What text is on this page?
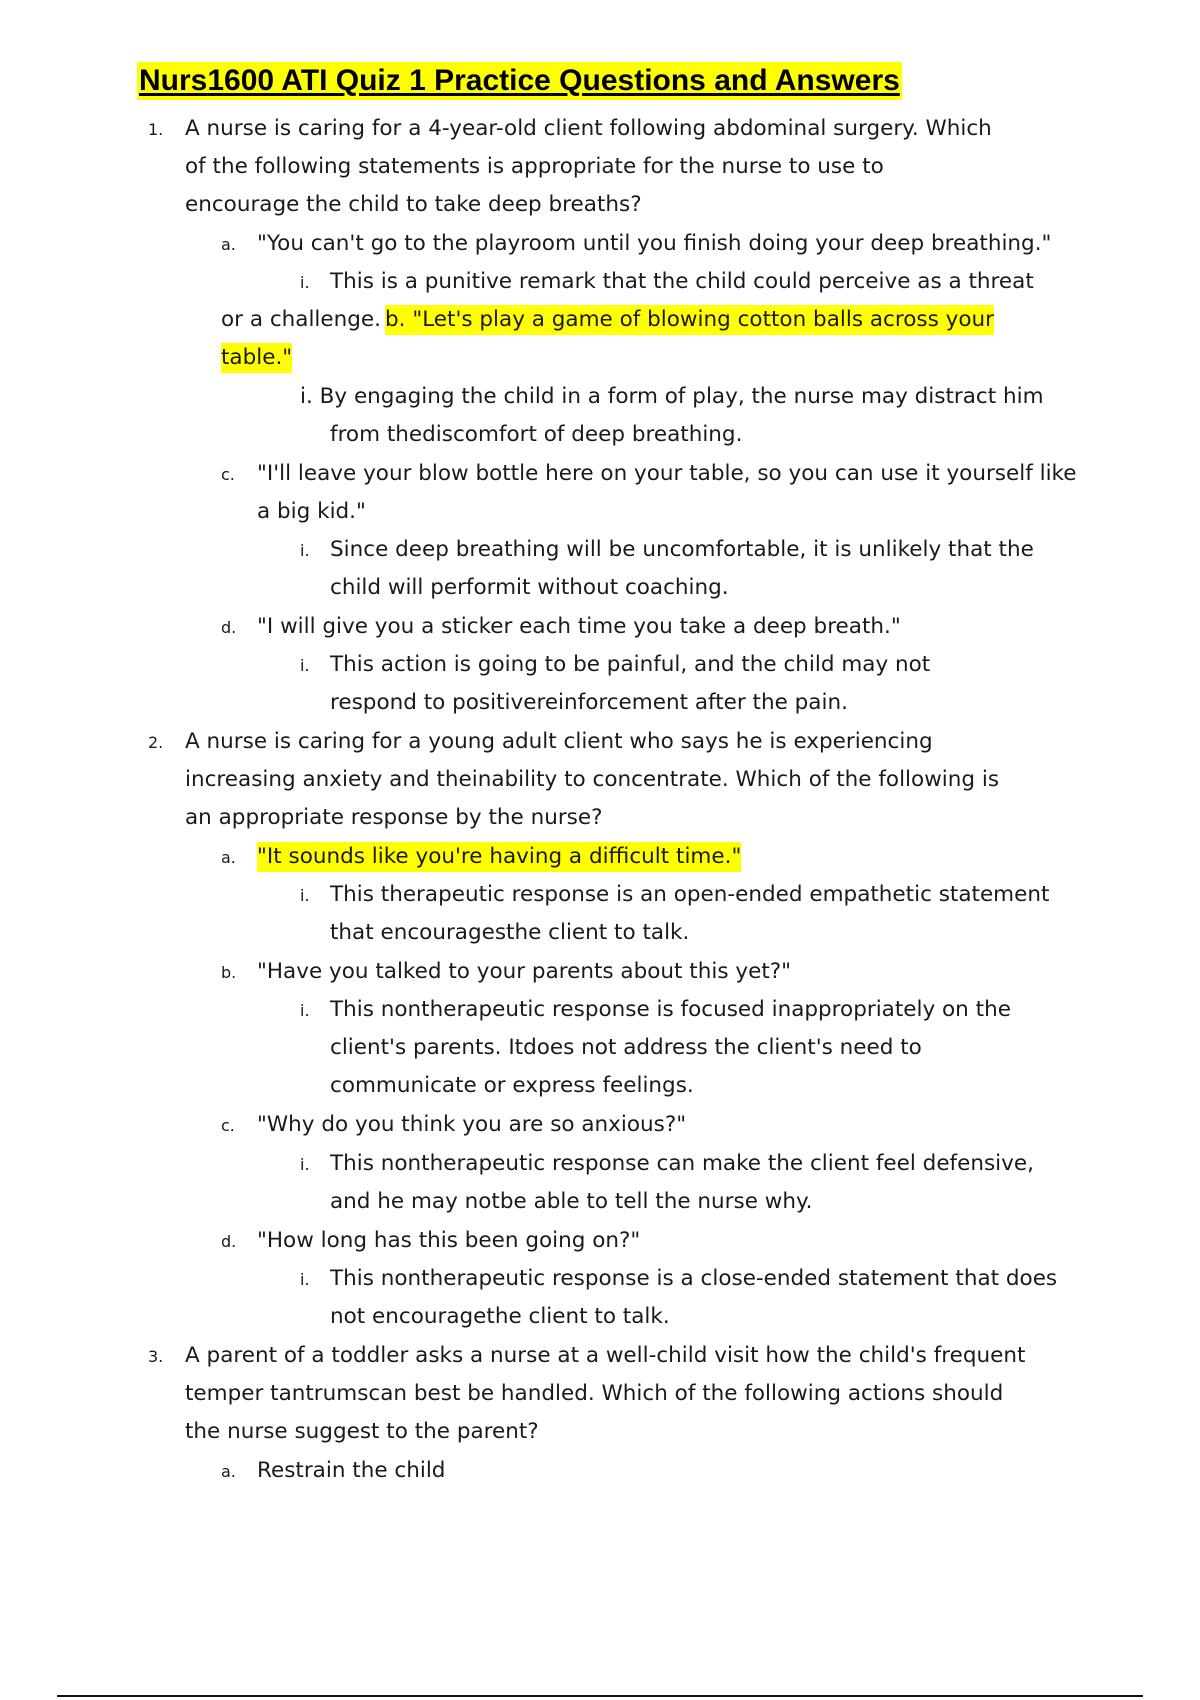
Nurs1600 ATI Quiz 1 Practice Questions and Answers
1. A nurse is caring for a 4-year-old client following abdominal surgery. Which
of the following statements is appropriate for the nurse to use to
encourage the child to take deep breaths?
a. "You can't go to the playroom until you finish doing your deep breathing."
i. This is a punitive remark that the child could perceive as a threat
or a challenge. b. "Let's play a game of blowing cotton balls across your
table."
i. By engaging the child in a form of play, the nurse may distract him
from thediscomfort of deep breathing.
c. "I'll leave your blow bottle here on your table, so you can use it yourself like
a big kid."
i. Since deep breathing will be uncomfortable, it is unlikely that the
child will performit without coaching.
d. "I will give you a sticker each time you take a deep breath."
i. This action is going to be painful, and the child may not
respond to positivereinforcement after the pain.
2. A nurse is caring for a young adult client who says he is experiencing
increasing anxiety and theinability to concentrate. Which of the following is
an appropriate response by the nurse?
a. "It sounds like you're having a difficult time."
i. This therapeutic response is an open-ended empathetic statement
that encouragesthe client to talk.
b. "Have you talked to your parents about this yet?"
i. This nontherapeutic response is focused inappropriately on the
client's parents. Itdoes not address the client's need to
communicate or express feelings.
c. "Why do you think you are so anxious?"
i. This nontherapeutic response can make the client feel defensive,
and he may notbe able to tell the nurse why.
d. "How long has this been going on?"
i. This nontherapeutic response is a close-ended statement that does
not encouragethe client to talk.
3. A parent of a toddler asks a nurse at a well-child visit how the child's frequent
temper tantrumscan best be handled. Which of the following actions should
the nurse suggest to the parent?
a. Restrain the child
